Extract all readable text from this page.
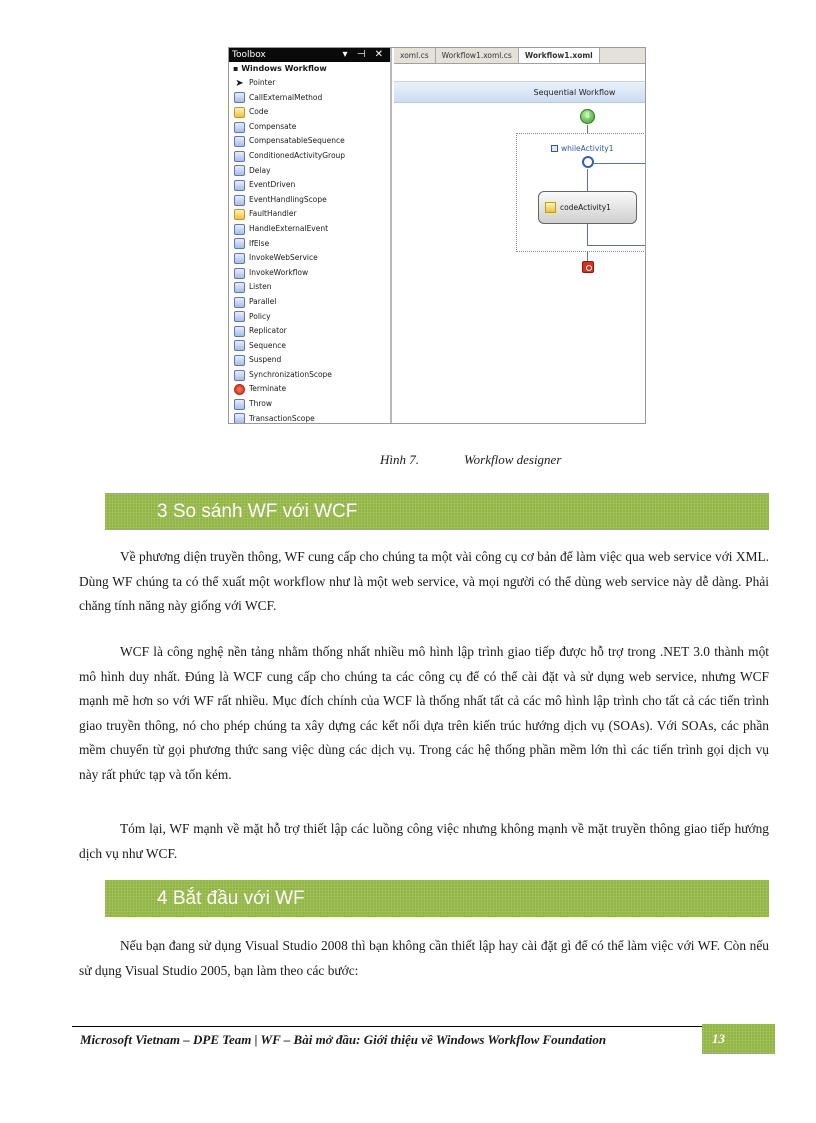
Toolbox	▾ ⊣ ✕
▪ Windows Workflow
➤ Pointer
CallExternalMethod
Code
Compensate
CompensatableSequence
ConditionedActivityGroup
Delay
EventDriven
EventHandlingScope
FaultHandler
HandleExternalEvent
IfElse
InvokeWebService
InvokeWorkflow
Listen
Parallel
Policy
Replicator
Sequence
Suspend
SynchronizationScope
Terminate
Throw
TransactionScope
xoml.cs	Workflow1.xoml.cs	Workflow1.xoml
Sequential Workflow
⇓
whileActivity1
codeActivity1
Hình 7.	Workflow designer
3 So sánh WF với WCF

Về phương diện truyền thông, WF cung cấp cho chúng ta một vài công cụ cơ bản để làm việc qua web service với XML. Dùng WF chúng ta có thể xuất một workflow như là một web service, và mọi người có thể dùng web service này dễ dàng. Phải chăng tính năng này giống với WCF.

WCF là công nghệ nền tảng nhằm thống nhất nhiều mô hình lập trình giao tiếp được hỗ trợ trong .NET 3.0 thành một mô hình duy nhất. Đúng là WCF cung cấp cho chúng ta các công cụ để có thể cài đặt và sử dụng web service, nhưng WCF mạnh mẽ hơn so với WF rất nhiều. Mục đích chính của WCF là thống nhất tất cả các mô hình lập trình cho tất cả các tiến trình giao truyền thông, nó cho phép chúng ta xây dựng các kết nối dựa trên kiến trúc hướng dịch vụ (SOAs). Với SOAs, các phần mềm chuyển từ gọi phương thức sang việc dùng các dịch vụ. Trong các hệ thống phần mềm lớn thì các tiến trình gọi dịch vụ này rất phức tạp và tốn kém.

Tóm lại, WF mạnh về mặt hỗ trợ thiết lập các luồng công việc nhưng không mạnh về mặt truyền thông giao tiếp hướng dịch vụ như WCF.

4 Bắt đầu với WF

Nếu bạn đang sử dụng Visual Studio 2008 thì bạn không cần thiết lập hay cài đặt gì để có thể làm việc với WF. Còn nếu sử dụng Visual Studio 2005, bạn làm theo các bước:

Microsoft Vietnam – DPE Team | WF – Bài mở đầu: Giới thiệu về Windows Workflow Foundation	13
